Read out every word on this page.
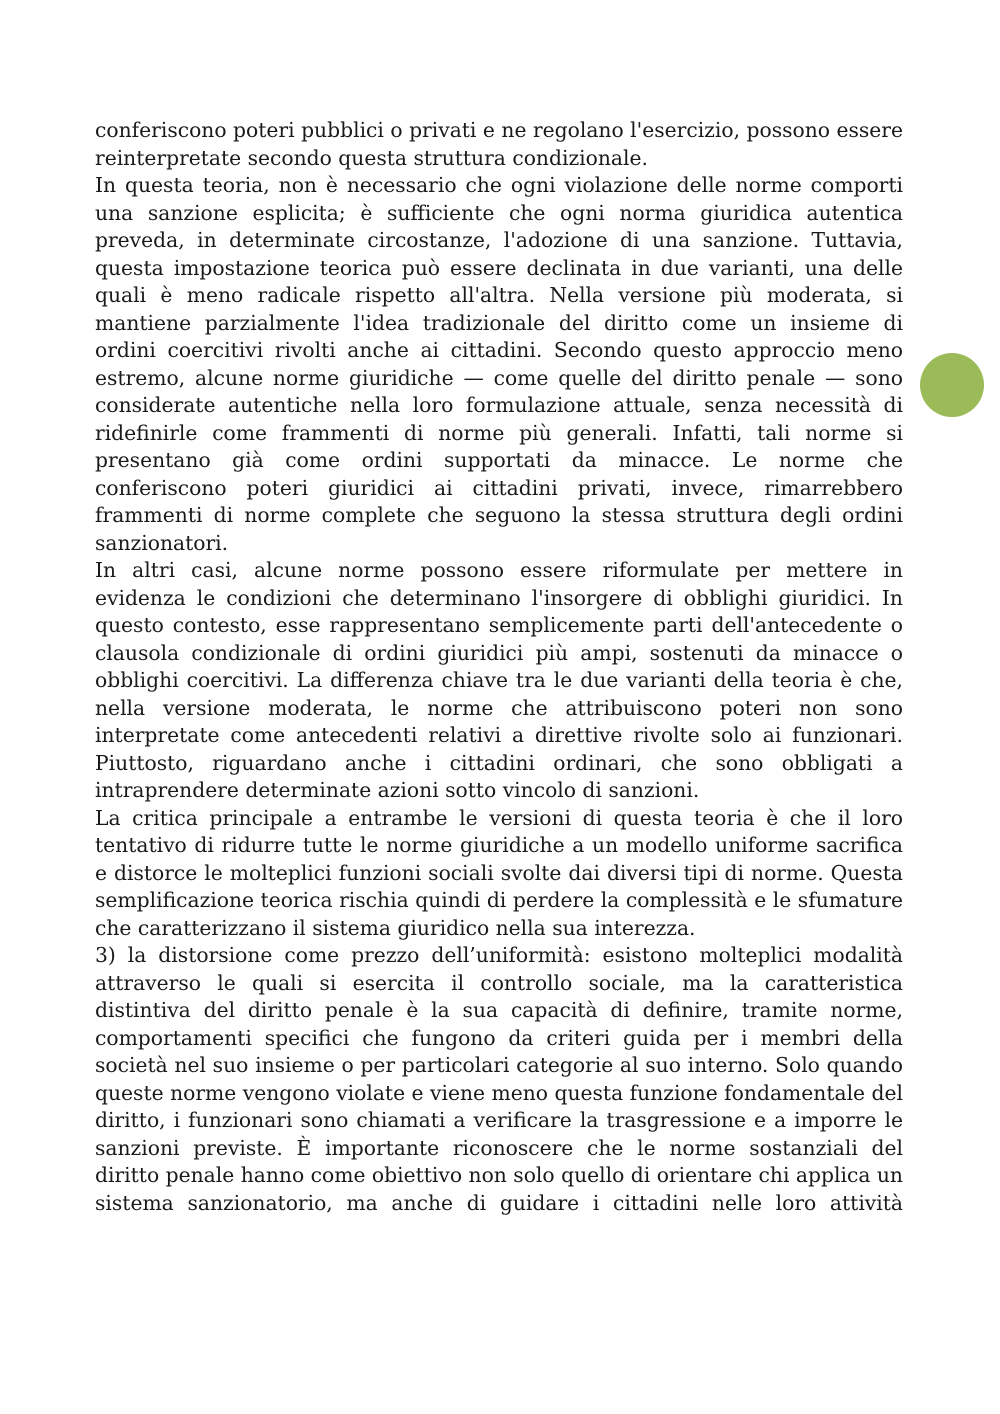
conferiscono poteri pubblici o privati e ne regolano l'esercizio, possono essere reinterpretate secondo questa struttura condizionale.

In questa teoria, non è necessario che ogni violazione delle norme comporti una sanzione esplicita; è sufficiente che ogni norma giuridica autentica preveda, in determinate circostanze, l'adozione di una sanzione. Tuttavia, questa impostazione teorica può essere declinata in due varianti, una delle quali è meno radicale rispetto all'altra. Nella versione più moderata, si mantiene parzialmente l'idea tradizionale del diritto come un insieme di ordini coercitivi rivolti anche ai cittadini. Secondo questo approccio meno estremo, alcune norme giuridiche — come quelle del diritto penale — sono considerate autentiche nella loro formulazione attuale, senza necessità di ridefinirle come frammenti di norme più generali. Infatti, tali norme si presentano già come ordini supportati da minacce. Le norme che conferiscono poteri giuridici ai cittadini privati, invece, rimarrebbero frammenti di norme complete che seguono la stessa struttura degli ordini sanzionatori.

In altri casi, alcune norme possono essere riformulate per mettere in evidenza le condizioni che determinano l'insorgere di obblighi giuridici. In questo contesto, esse rappresentano semplicemente parti dell'antecedente o clausola condizionale di ordini giuridici più ampi, sostenuti da minacce o obblighi coercitivi. La differenza chiave tra le due varianti della teoria è che, nella versione moderata, le norme che attribuiscono poteri non sono interpretate come antecedenti relativi a direttive rivolte solo ai funzionari. Piuttosto, riguardano anche i cittadini ordinari, che sono obbligati a intraprendere determinate azioni sotto vincolo di sanzioni.

La critica principale a entrambe le versioni di questa teoria è che il loro tentativo di ridurre tutte le norme giuridiche a un modello uniforme sacrifica e distorce le molteplici funzioni sociali svolte dai diversi tipi di norme. Questa semplificazione teorica rischia quindi di perdere la complessità e le sfumature che caratterizzano il sistema giuridico nella sua interezza.

3) la distorsione come prezzo dell’uniformità: esistono molteplici modalità attraverso le quali si esercita il controllo sociale, ma la caratteristica distintiva del diritto penale è la sua capacità di definire, tramite norme, comportamenti specifici che fungono da criteri guida per i membri della società nel suo insieme o per particolari categorie al suo interno. Solo quando queste norme vengono violate e viene meno questa funzione fondamentale del diritto, i funzionari sono chiamati a verificare la trasgressione e a imporre le sanzioni previste. È importante riconoscere che le norme sostanziali del diritto penale hanno come obiettivo non solo quello di orientare chi applica un sistema sanzionatorio, ma anche di guidare i cittadini nelle loro attività
